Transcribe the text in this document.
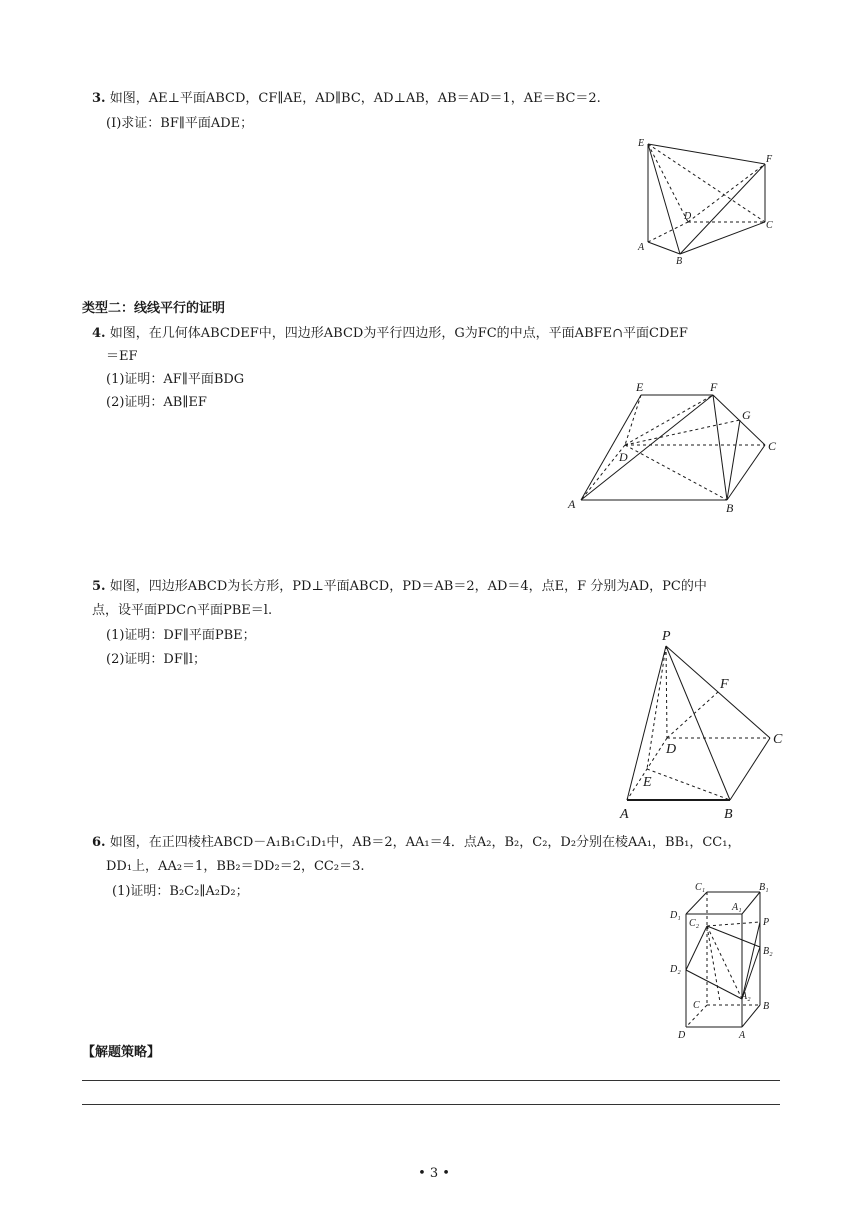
3. 如图，AE⊥平面ABCD，CF∥AE，AD∥BC，AD⊥AB，AB＝AD＝1，AE＝BC＝2.
(Ⅰ)求证：BF∥平面ADE；
E
F
D
C
A
B
类型二：线线平行的证明
4. 如图，在几何体ABCDEF中，四边形ABCD为平行四边形，G为FC的中点，平面ABFE∩平面CDEF
＝EF
(1)证明：AF∥平面BDG
(2)证明：AB∥EF
E	F
G
D
C
A	B
5. 如图，四边形ABCD为长方形，PD⊥平面ABCD，PD＝AB＝2，AD＝4，点E，F 分别为AD，PC的中
点，设平面PDC∩平面PBE＝l.
(1)证明：DF∥平面PBE；
(2)证明：DF∥l；
P
F
D
C
E
A	B
6. 如图，在正四棱柱ABCD－A₁B₁C₁D₁中，AB＝2，AA₁＝4．点A₂，B₂，C₂，D₂分别在棱AA₁，BB₁，CC₁，
DD₁上，AA₂＝1，BB₂＝DD₂＝2，CC₂＝3.
(1)证明：B₂C₂∥A₂D₂；	C₁	B₁
D₁
A₁
C₂	P
B₂
D₂
C
A₂
B
D	A
【解题策略】
• 3 •
